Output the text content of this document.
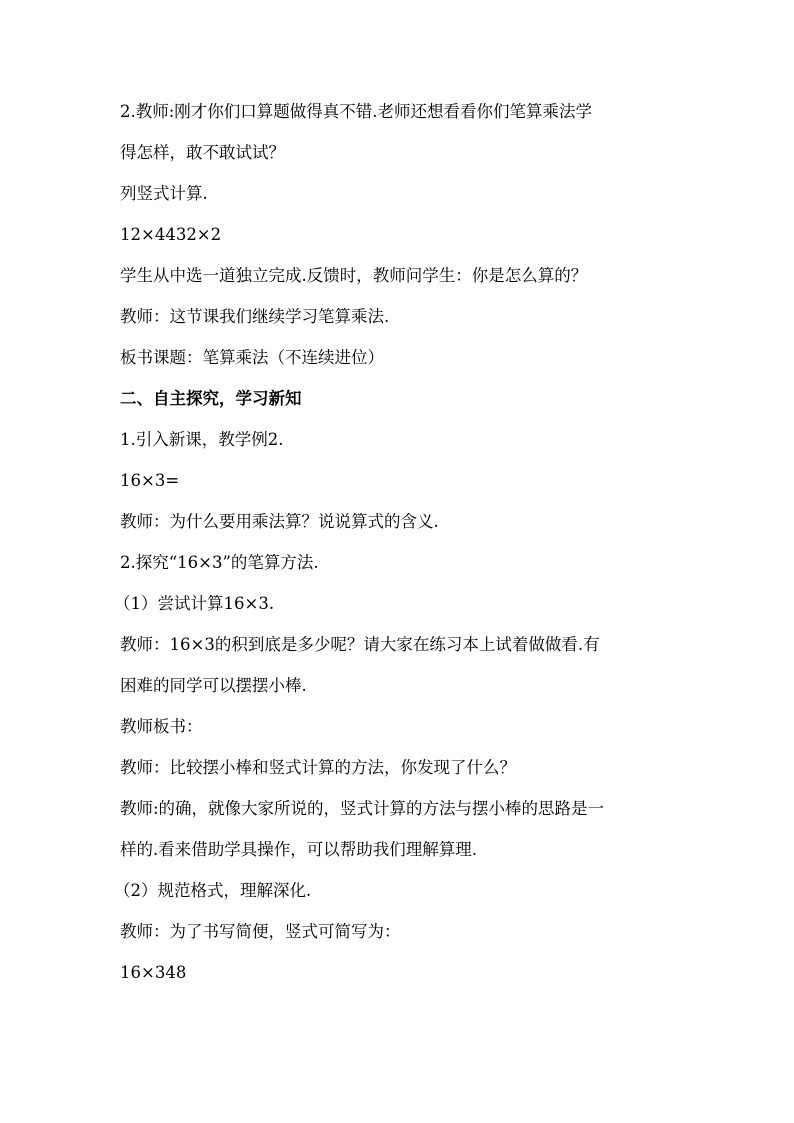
2.教师:刚才你们口算题做得真不错.老师还想看看你们笔算乘法学
得怎样，敢不敢试试？
列竖式计算.
12×4432×2
学生从中选一道独立完成.反馈时，教师问学生：你是怎么算的？
教师：这节课我们继续学习笔算乘法.
板书课题：笔算乘法（不连续进位）
二、自主探究，学习新知
1.引入新课，教学例2.
16×3=
教师：为什么要用乘法算？说说算式的含义.
2.探究“16×3”的笔算方法.
（1）尝试计算16×3.
教师：16×3的积到底是多少呢？请大家在练习本上试着做做看.有
困难的同学可以摆摆小棒.
教师板书：
教师：比较摆小棒和竖式计算的方法，你发现了什么？
教师:的确，就像大家所说的，竖式计算的方法与摆小棒的思路是一
样的.看来借助学具操作，可以帮助我们理解算理.
（2）规范格式，理解深化.
教师：为了书写简便，竖式可简写为：
16×348
